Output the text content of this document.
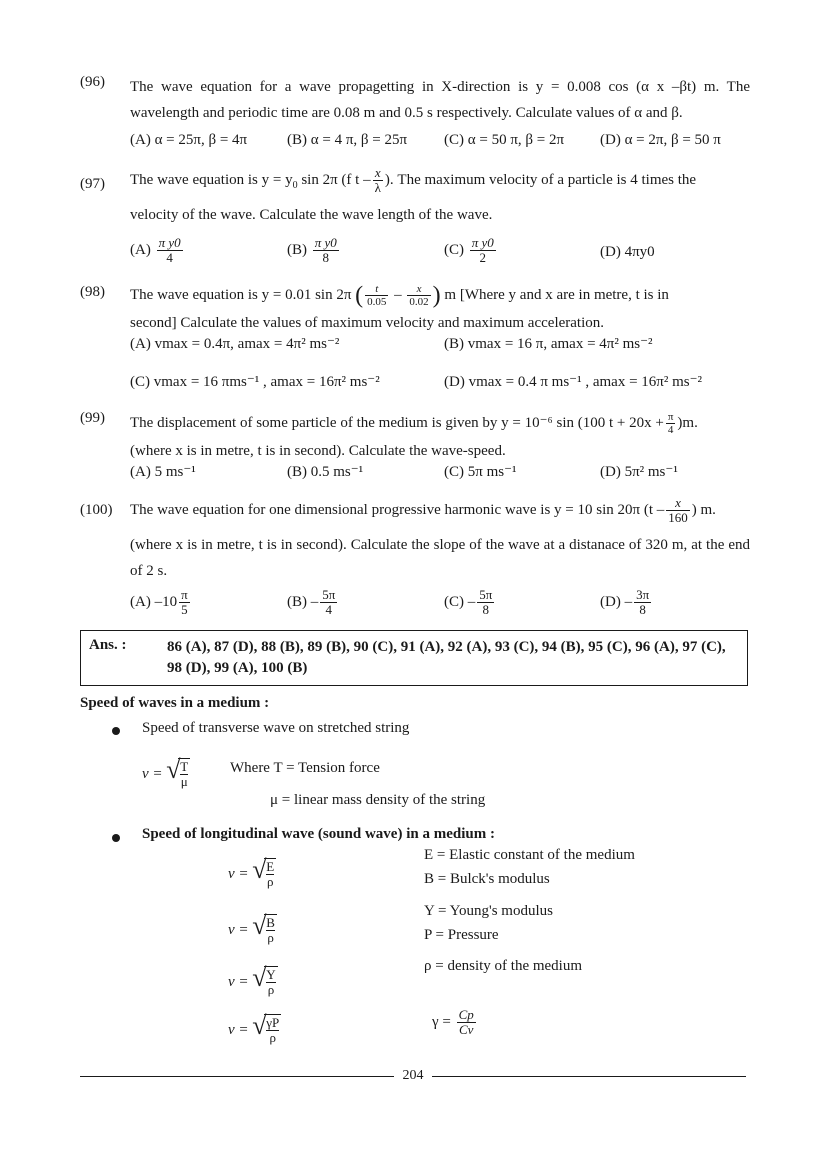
(96)	The wave equation for a wave propagetting in X-direction is y = 0.008 cos (α x –βt) m. The wavelength and periodic time are 0.08 m and 0.5 s respectively. Calculate values of α and β.
(A) α = 25π, β = 4π	(B) α = 4 π, β = 25π (C) α = 50 π, β = 2π (D) α = 2π, β = 50 π
(97)	The wave equation is $y = y_0$ sin 2π (f t – $\frac{x}{\lambda}$ ). The maximum velocity of a particle is 4 times the
velocity of the wave. Calculate the wave length of the wave.
$(A) \frac{\text{π y0}}{4}$	$(B) \frac{\text{π y0}}{8}$	$(C) \frac{\text{π y0}}{2}$	(D) 4πy0
(98)	The wave equation is y = 0.01 sin 2π ( $\frac{t}{0.05} - \frac{x}{0.02}$ ) m [Where y and x are in metre, t is in
second] Calculate the values of maximum velocity and maximum acceleration.
(A) vmax = 0.4π, amax = 4π² ms⁻²	(B) vmax = 16 π, amax = 4π² ms⁻²
(C) vmax = 16 πms⁻¹ , amax = 16π² ms⁻²	(D) vmax = 0.4 π ms⁻¹ , amax = 16π² ms⁻²
(99)	The displacement of some particle of the medium is given by y = 10⁻⁶ sin (100 $t + 20x + \frac{\pi}{4} )m$.
(where x is in metre, t is in second). Calculate the wave-speed.
(A) 5 ms⁻¹	(B) 0.5 ms⁻¹	(C) 5π ms⁻¹	(D) 5π² ms⁻¹
(100)	The wave equation for one dimensional progressive harmonic wave is y = 10 sin 20π ($t - \frac{x}{160}$ ) m.
(where x is in metre, t is in second). Calculate the slope of the wave at a distanace of 320 m, at the end of 2 s.
(A) $-10 \frac{\pi}{5}$	$(B) - \frac{5\pi}{4}$	$(C) - \frac{5\pi}{8}$	$(D) - \frac{3\pi}{8}$
Ans. :	86 (A), 87 (D), 88 (B), 89 (B), 90 (C), 91 (A), 92 (A), 93 (C), 94 (B), 95 (C), 96 (A), 97 (C), 98 (D), 99 (A), 100 (B)
Speed of waves in a medium :
Speed of transverse wave on stretched string
v = √
$\frac{T}{\mu}$	Where T = Tension force
μ = linear mass density of the string
Speed of longitudinal wave (sound wave) in a medium :
v = √
$\frac{E}{\rho}$
v = √
$\frac{B}{\rho}$
v = √
$\frac{Y}{\rho}$
v = √
$\frac{\gamma P}{\rho}$
E = Elastic constant of the medium
B = Bulck's modulus
Y = Young's modulus
P = Pressure
ρ = density of the medium
$\gamma = \frac{Cp}{Cv}$
204
